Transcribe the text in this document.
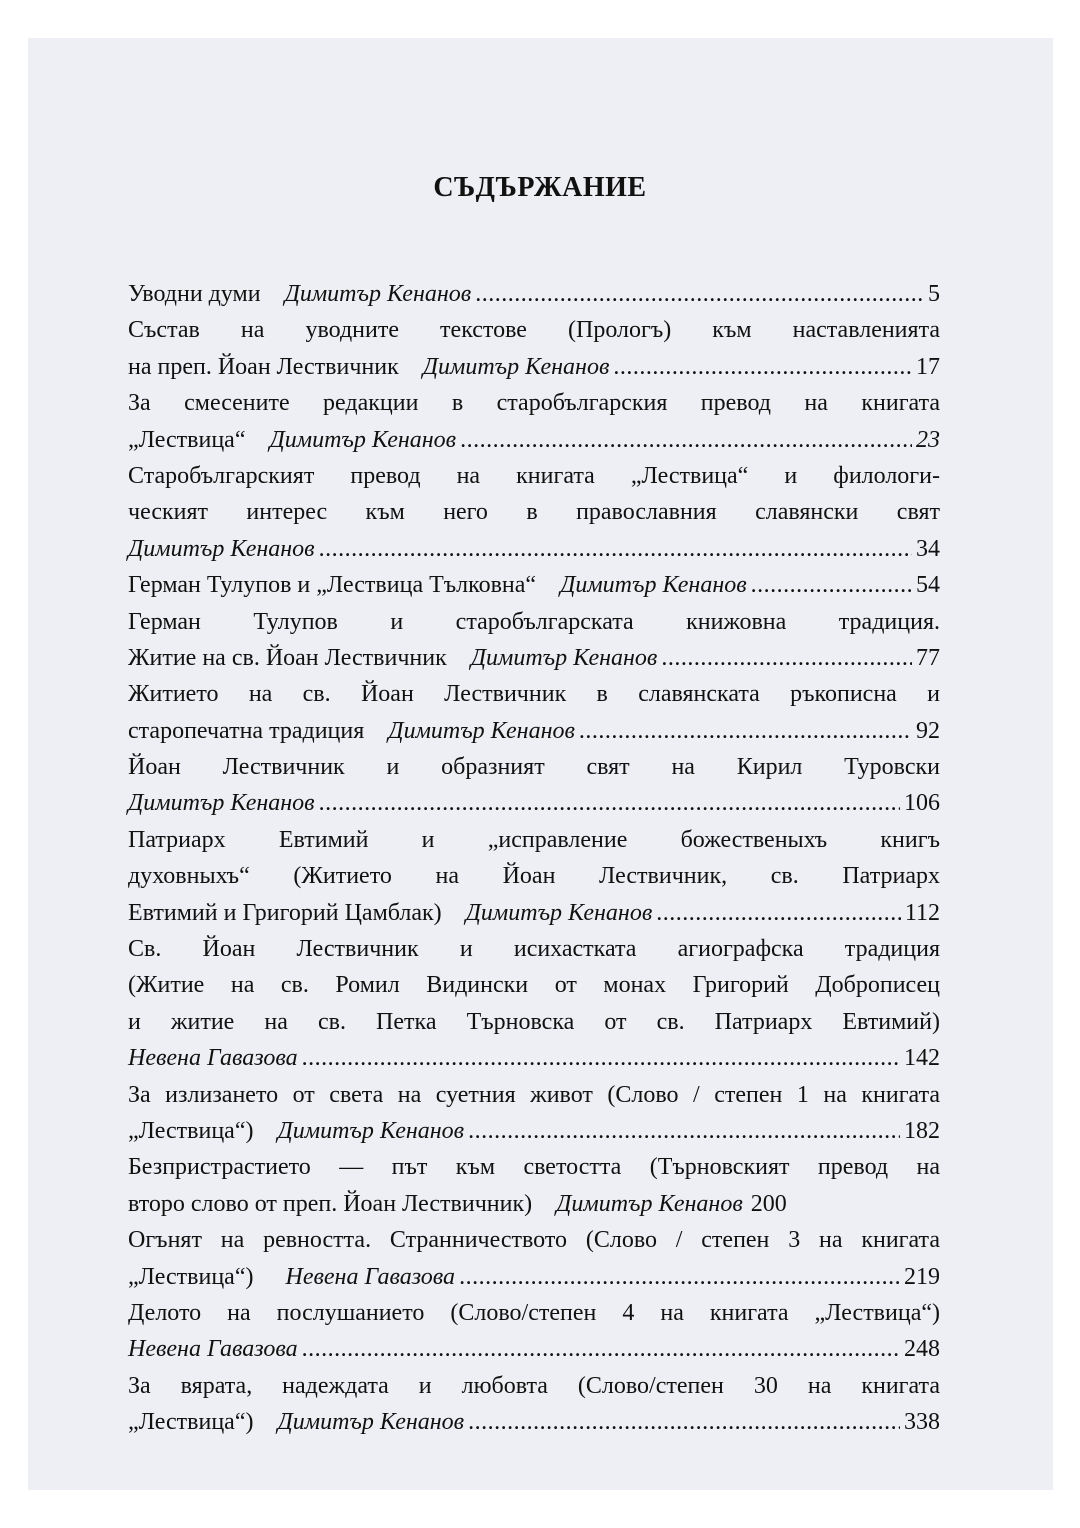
СЪДЪРЖАНИЕ
Уводни думи Димитър Кенанов .....	5
Състав на уводните текстове (Прологъ) към наставленията
на преп. Йоан Лествичник Димитър Кенанов .....	17
За смесените редакции в старобългарския превод на книгата
„Лествица“ Димитър Кенанов .....	23
Старобългарският превод на книгата „Лествица“ и филологи-
ческият интерес към него в православния славянски свят
Димитър Кенанов .....	34
Герман Тулупов и „Лествица Тълковна“ Димитър Кенанов .....	54
Герман Тулупов и старобългарската книжовна традиция.
Житие на св. Йоан Лествичник Димитър Кенанов .....	77
Житието на св. Йоан Лествичник в славянската ръкописна и
старопечатна традиция Димитър Кенанов .....	92
Йоан Лествичник и образният свят на Кирил Туровски
Димитър Кенанов .....	106
Патриарх Евтимий и „исправление божественыхъ книгъ
духовныхъ“ (Житието на Йоан Лествичник, св. Патриарх
Евтимий и Григорий Цамблак) Димитър Кенанов .....	112
Св. Йоан Лествичник и исихастката агиографска традиция
(Житие на св. Ромил Видински от монах Григорий Доброписец
и житие на св. Петка Търновска от св. Патриарх Евтимий)
Невена Гавазова .....	142
За излизането от света на суетния живот (Слово / степен 1 на книгата
„Лествица“) Димитър Кенанов .....	182
Безпристрастието — път към светостта (Търновският превод на
второ слово от преп. Йоан Лествичник) Димитър Кенанов 200
Огънят на ревността. Странничеството (Слово / степен 3 на книгата
„Лествица“) Невена Гавазова .....	219
Делото на послушанието (Слово/степен 4 на книгата „Лествица“)
Невена Гавазова .....	248
За вярата, надеждата и любовта (Слово/степен 30 на книгата
„Лествица“) Димитър Кенанов .....	338
